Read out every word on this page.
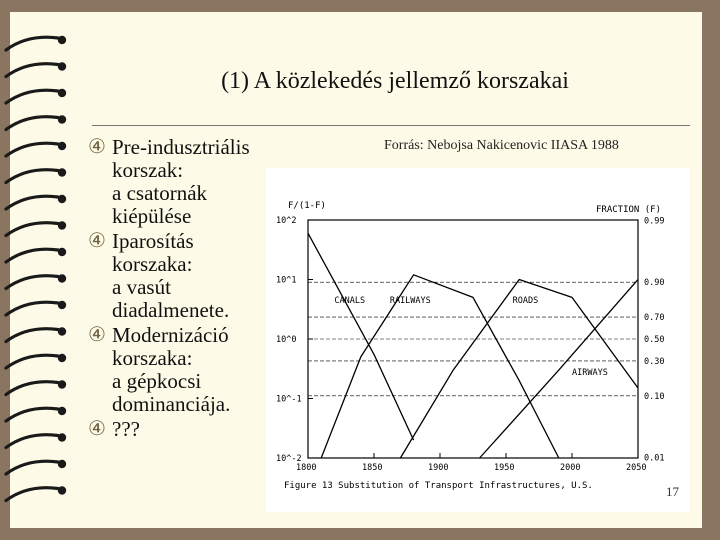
(1) A közlekedés jellemző korszakai
④ Pre-indusztriális
korszak:
a csatornák
kiépülése
④ Iparosítás
korszaka:
a vasút
diadalmenete.
④ Modernizáció
korszaka:
a gépkocsi
dominanciája.
④ ???
Forrás: Nebojsa Nakicenovic IIASA 1988
F/(1-F)	FRACTION (F)
0.99
0.90
0.70
0.50
0.30
0.10
0.01
10^2
10^1
10^0
10^-1
10^-2
1800	1850	1900	1950	2000	2050
CANALS	RAILWAYS	ROADS
AIRWAYS
Figure 13 Substitution of Transport Infrastructures, U.S.	17
